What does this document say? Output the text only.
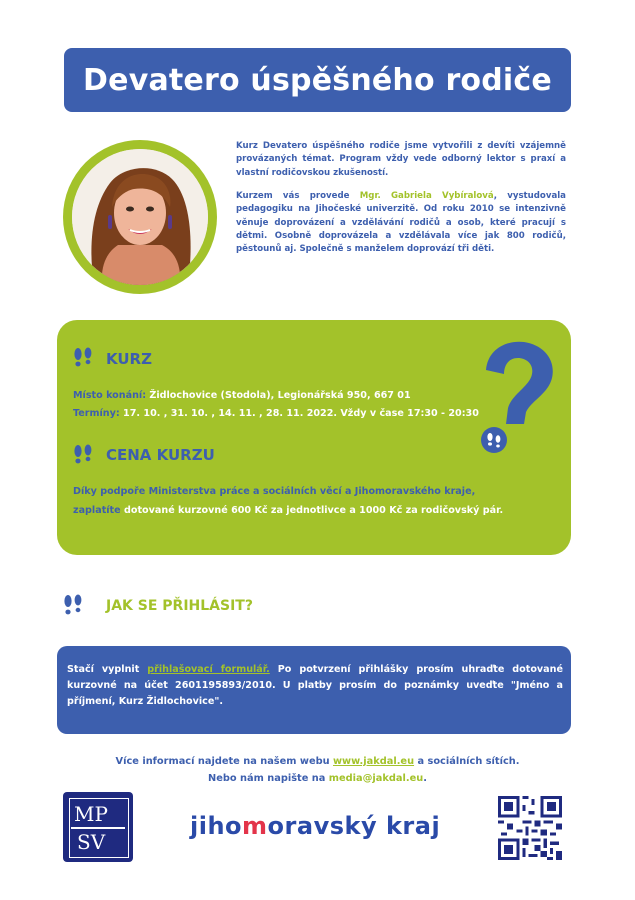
Devatero úspěšného rodiče

Kurz Devatero úspěšného rodiče jsme vytvořili z devíti vzájemně provázaných témat. Program vždy vede odborný lektor s praxí a vlastní rodičovskou zkušeností.

Kurzem vás provede Mgr. Gabriela Vybíralová, vystudovala pedagogiku na Jihočeské univerzitě. Od roku 2010 se intenzivně věnuje doprovázení a vzdělávání rodičů a osob, které pracují s dětmi. Osobně doprovázela a vzdělávala více jak 800 rodičů, pěstounů aj. Společně s manželem doprovází tři děti.

KURZ
Místo konání: Židlochovice (Stodola), Legionářská 950, 667 01
Termíny: 17. 10. , 31. 10. , 14. 11. , 28. 11. 2022. Vždy v čase 17:30 - 20:30
CENA KURZU
Díky podpoře Ministerstva práce a sociálních věcí a Jihomoravského kraje,
zaplatíte dotované kurzovné 600 Kč za jednotlivce a 1000 Kč za rodičovský pár.
JAK SE PŘIHLÁSIT?
Stačí vyplnit přihlašovací formulář. Po potvrzení přihlášky prosím uhraďte dotované kurzovné na účet 2601195893/2010. U platby prosím do poznámky uveďte "Jméno a příjmení, Kurz Židlochovice".
Více informací najdete na našem webu www.jakdal.eu a sociálních sítích.
Nebo nám napište na media@jakdal.eu.
MP
SV
jihomoravský kraj
